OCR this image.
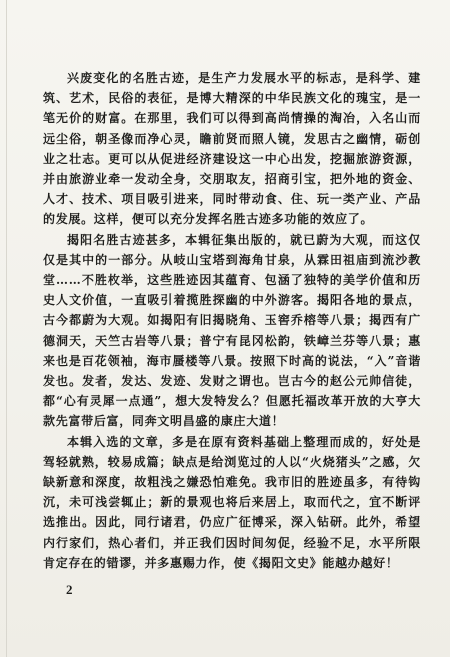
兴废变化的名胜古迹，是生产力发展水平的标志，是科学、建筑、艺术，民俗的表征，是博大精深的中华民族文化的瑰宝，是一笔无价的财富。在那里，我们可以得到高尚情操的淘冶，入名山而远尘俗，朝圣像而净心灵，瞻前贤而照人镜，发思古之幽情，砺创业之壮志。更可以从促进经济建设这一中心出发，挖掘旅游资源，并由旅游业牵一发动全身，交朋取友，招商引宝，把外地的资金、人才、技术、项目吸引进来，同时带动食、住、玩一类产业、产品的发展。这样，便可以充分发挥名胜古迹多功能的效应了。

揭阳名胜古迹甚多，本辑征集出版的，就已蔚为大观，而这仅仅是其中的一部分。从岐山宝塔到海角甘泉，从霖田祖庙到流沙教堂……不胜枚举，这些胜迹因其蕴育、包涵了独特的美学价值和历史人文价值，一直吸引着揽胜探幽的中外游客。揭阳各地的景点，古今都蔚为大观。如揭阳有旧揭晓角、玉窖乔榕等八景；揭西有广德洞天，天竺古岩等八景；普宁有昆冈松韵，铁嶂兰芬等八景；惠来也是百花领袖，海市蜃楼等八景。按照下时高的说法，“入”音谐发也。发者，发达、发迹、发财之谓也。岂古今的赵公元帅信徒，都“心有灵犀一点通”，想大发特发么？但愿托福改革开放的大亨大款先富带后富，同奔文明昌盛的康庄大道！

本辑入选的文章，多是在原有资料基础上整理而成的，好处是驾轻就熟，较易成篇；缺点是给浏览过的人以“火烧猪头”之感，欠缺新意和深度，故粗浅之嫌恐怕难免。我市旧的胜迹虽多，有待钩沉，未可浅尝辄止；新的景观也将后来居上，取而代之，宜不断评选推出。因此，同行诸君，仍应广征博采，深入钻研。此外，希望内行家们，热心者们，并正我们因时间匆促，经验不足，水平所限肯定存在的错谬，并多惠赐力作，使《揭阳文史》能越办越好！

2
